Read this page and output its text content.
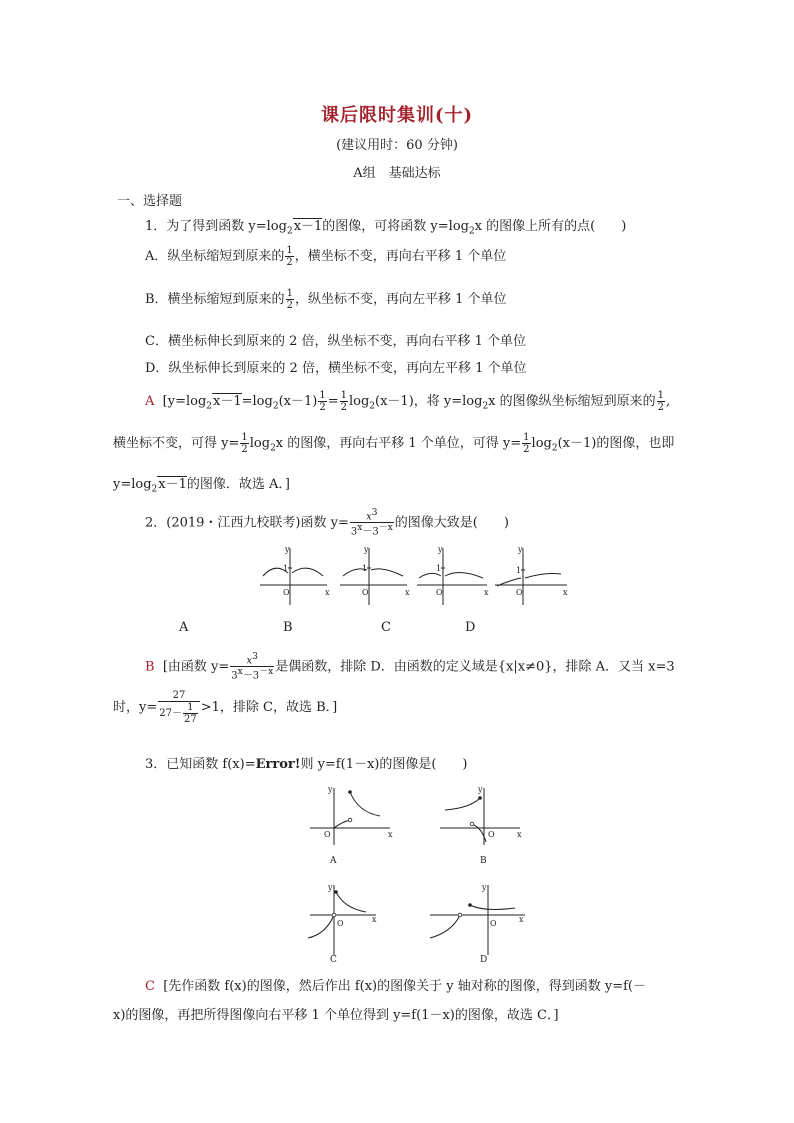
课后限时集训(十)
(建议用时：60 分钟)
A组　基础达标
一、选择题
1．为了得到函数 $y=\log_2x-1$的图像，可将函数 $y=\log_2x$ 的图像上所有的点(　　)
A．纵坐标缩短到原来的 $\frac{1}{2}$ ，横坐标不变，再向右平移 1 个单位
B．横坐标缩短到原来的 $\frac{1}{2}$ ，纵坐标不变，再向左平移 1 个单位
C．横坐标伸长到原来的 2 倍，纵坐标不变，再向右平移 1 个单位
D．纵坐标伸长到原来的 2 倍，横坐标不变，再向左平移 1 个单位
A [$y=\log_2x-1=\log_2(x-1) \frac{1}{2} = \frac{1}{2} \log_2(x-1)$，将 $y=\log_2x$ 的图像纵坐标缩短到原来的 $\frac{1}{2}$ ,
横坐标不变，可得 $y= \frac{1}{2} \log_2x$ 的图像，再向右平移 1 个单位，可得 $y= \frac{1}{2} \log_2(x-1)$的图像，也即
$y=\log_2x-1$的图像．故选 A．]
2．(2019・江西九校联考)函数 $y= \frac{x^3}{3^x-3^{-x}}$ 的图像大致是(　　)
y
x
O
1
y
x
O
1
y
x
O
1
y
x
O
1
A	B	C	D
B [由函数 $y= \frac{x^3}{3^x-3^{-x}}$ 是偶函数，排除 D．由函数的定义域是{x|x≠0}，排除 A．又当 x=3
时，$y= \frac{27}{27- \frac{1}{27}} >1$，排除 C，故选 B．]
3．已知函数 f(x)=Error!则 y=f(1－x)的图像是(　　)
y
x
O
y
x
O
y
x
O
y
x
O
A	B
C	D
C [先作函数 f(x)的图像，然后作出 f(x)的图像关于 y 轴对称的图像，得到函数 y=f(－
x)的图像，再把所得图像向右平移 1 个单位得到 y=f(1－x)的图像，故选 C．]
